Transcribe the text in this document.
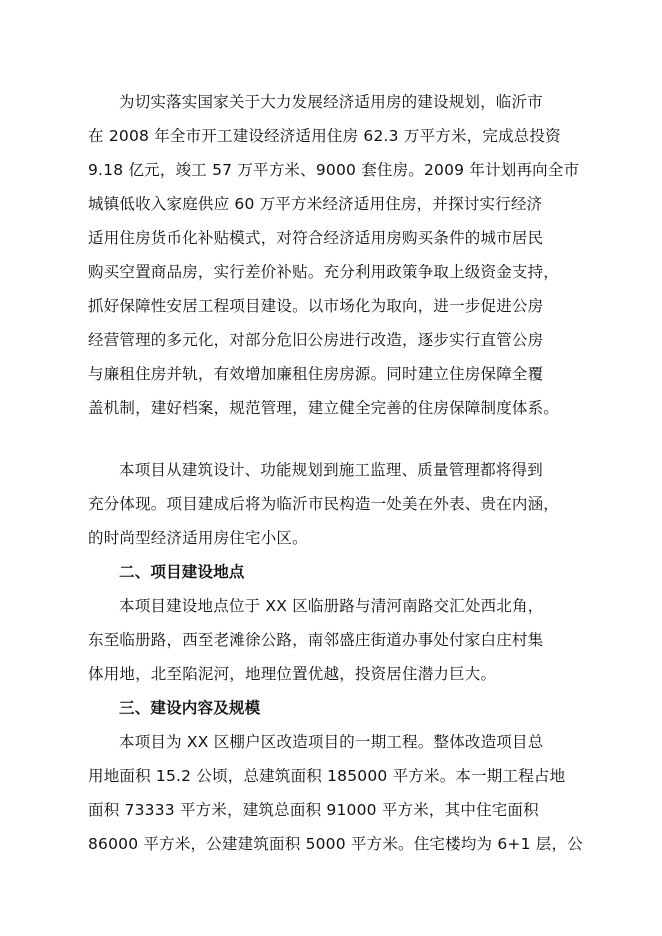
为切实落实国家关于大力发展经济适用房的建设规划，临沂市
在 2008 年全市开工建设经济适用住房 62.3 万平方米，完成总投资
9.18 亿元，竣工 57 万平方米、9000 套住房。2009 年计划再向全市
城镇低收入家庭供应 60 万平方米经济适用住房，并探讨实行经济
适用住房货币化补贴模式，对符合经济适用房购买条件的城市居民
购买空置商品房，实行差价补贴。充分利用政策争取上级资金支持，
抓好保障性安居工程项目建设。以市场化为取向，进一步促进公房
经营管理的多元化，对部分危旧公房进行改造，逐步实行直管公房
与廉租住房并轨，有效增加廉租住房房源。同时建立住房保障全覆
盖机制，建好档案，规范管理，建立健全完善的住房保障制度体系。
本项目从建筑设计、功能规划到施工监理、质量管理都将得到
充分体现。项目建成后将为临沂市民构造一处美在外表、贵在内涵，
的时尚型经济适用房住宅小区。
二、项目建设地点
本项目建设地点位于 XX 区临册路与清河南路交汇处西北角，
东至临册路，西至老滩徐公路，南邻盛庄街道办事处付家白庄村集
体用地，北至陷泥河，地理位置优越，投资居住潜力巨大。
三、建设内容及规模
本项目为 XX 区棚户区改造项目的一期工程。整体改造项目总
用地面积 15.2 公顷，总建筑面积 185000 平方米。本一期工程占地
面积 73333 平方米，建筑总面积 91000 平方米，其中住宅面积
86000 平方米，公建建筑面积 5000 平方米。住宅楼均为 6+1 层，公
